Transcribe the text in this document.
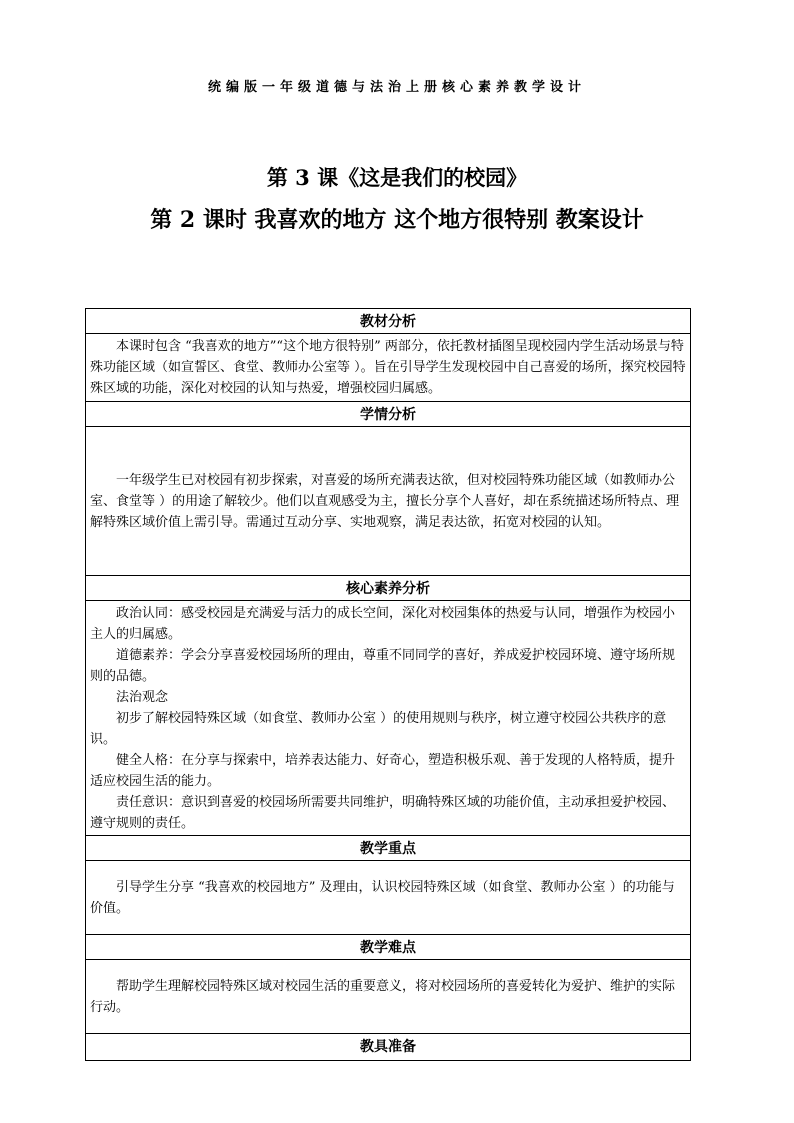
统编版一年级道德与法治上册核心素养教学设计
第 3 课《这是我们的校园》
第 2 课时 我喜欢的地方 这个地方很特别 教案设计
教材分析

本课时包含 “我喜欢的地方”“这个地方很特别” 两部分，依托教材插图呈现校园内学生活动场景与特殊功能区域（如宣誓区、食堂、教师办公室等 ）。旨在引导学生发现校园中自己喜爱的场所，探究校园特殊区域的功能，深化对校园的认知与热爱，增强校园归属感。

学情分析

一年级学生已对校园有初步探索，对喜爱的场所充满表达欲，但对校园特殊功能区域（如教师办公室、食堂等 ）的用途了解较少。他们以直观感受为主，擅长分享个人喜好，却在系统描述场所特点、理解特殊区域价值上需引导。需通过互动分享、实地观察，满足表达欲，拓宽对校园的认知。

核心素养分析

政治认同：感受校园是充满爱与活力的成长空间，深化对校园集体的热爱与认同，增强作为校园小主人的归属感。

道德素养：学会分享喜爱校园场所的理由，尊重不同同学的喜好，养成爱护校园环境、遵守场所规则的品德。

法治观念

初步了解校园特殊区域（如食堂、教师办公室 ）的使用规则与秩序，树立遵守校园公共秩序的意识。

健全人格：在分享与探索中，培养表达能力、好奇心，塑造积极乐观、善于发现的人格特质，提升适应校园生活的能力。

责任意识：意识到喜爱的校园场所需要共同维护，明确特殊区域的功能价值，主动承担爱护校园、遵守规则的责任。

教学重点

引导学生分享 “我喜欢的校园地方” 及理由，认识校园特殊区域（如食堂、教师办公室 ）的功能与价值。

教学难点

帮助学生理解校园特殊区域对校园生活的重要意义，将对校园场所的喜爱转化为爱护、维护的实际行动。

教具准备
